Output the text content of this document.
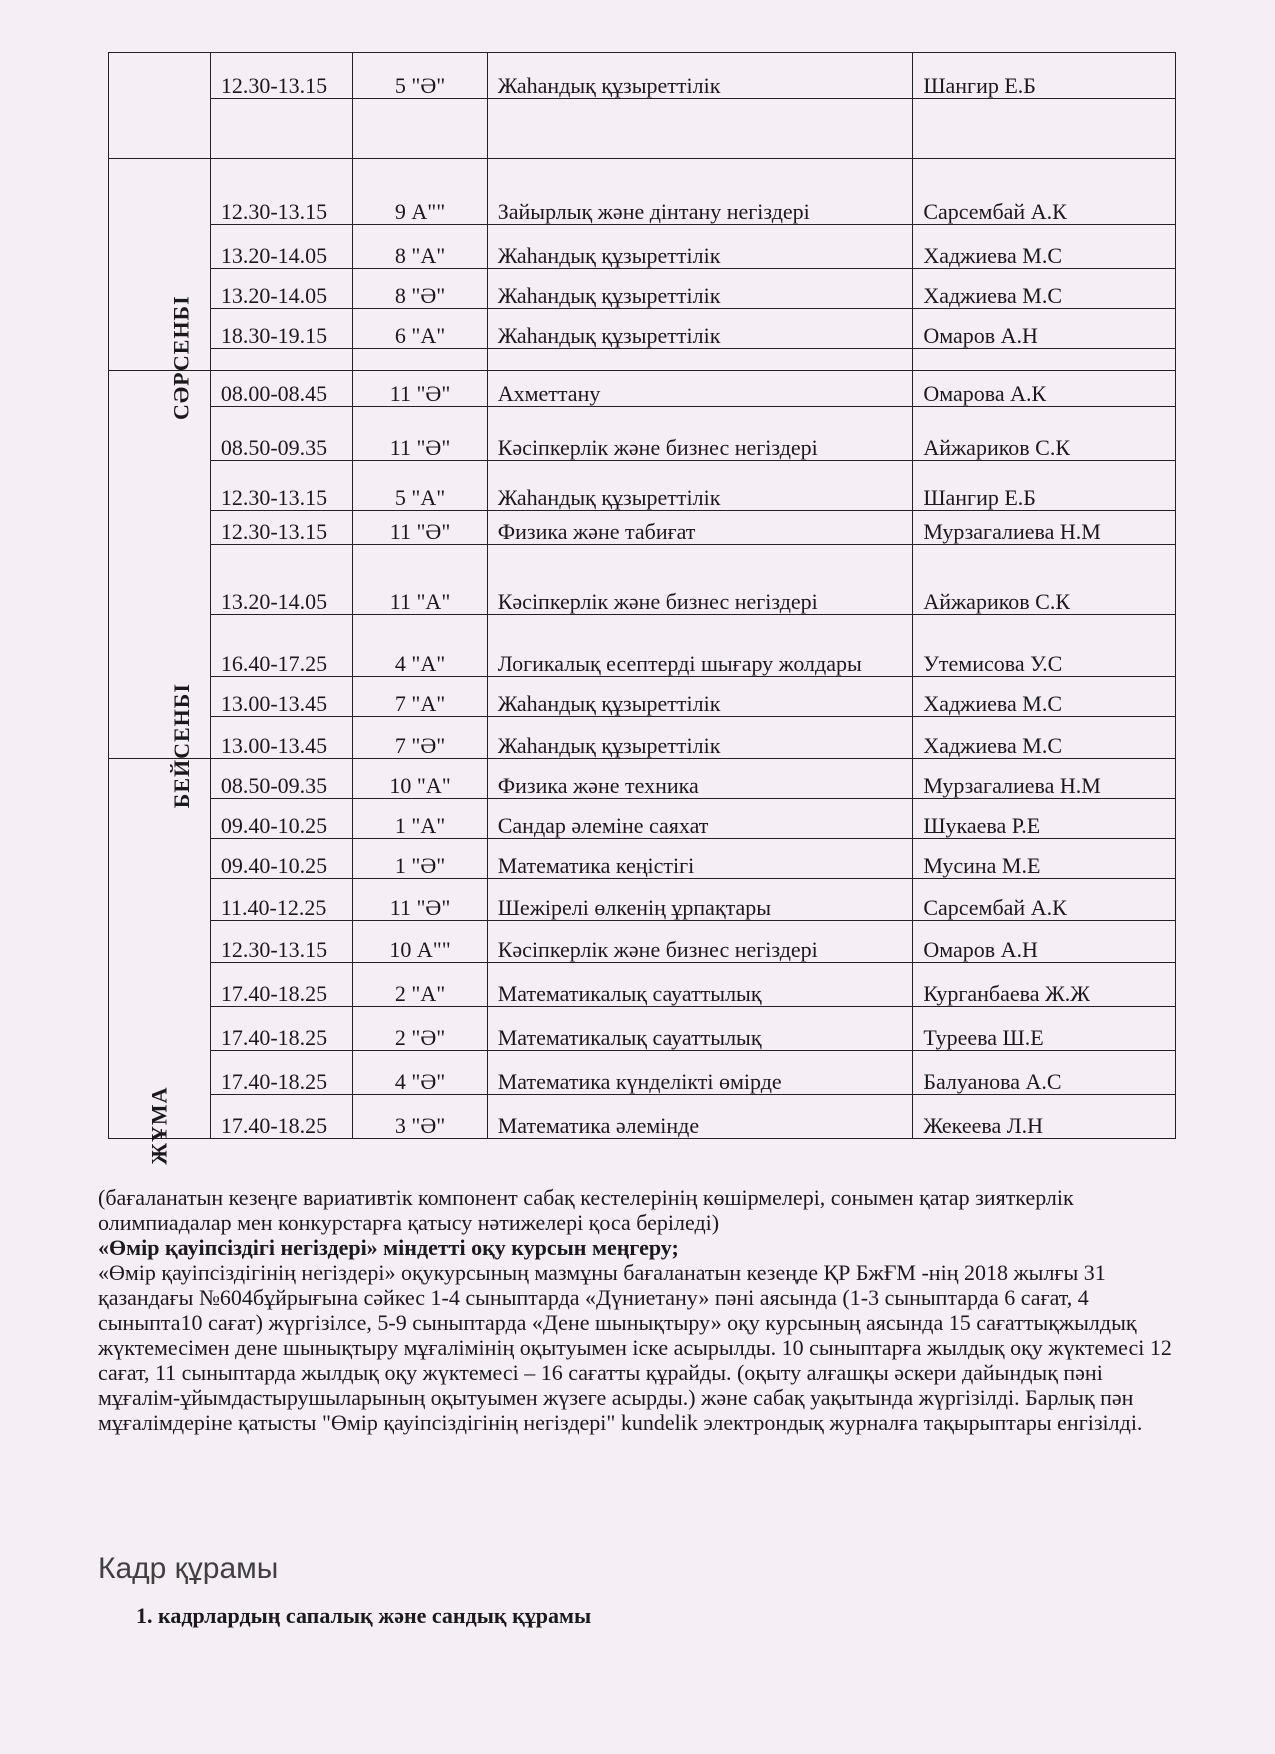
	12.30-13.15	5 "Ә"	Жаһандық құзыреттілік	Шангир Е.Б

СӘРСЕНБІ	12.30-13.15	9 А""	Зайырлық және дінтану негіздері	Сарсембай А.К
	13.20-14.05	8 "А"	Жаһандық құзыреттілік	Хаджиева М.С
	13.20-14.05	8 "Ә"	Жаһандық құзыреттілік	Хаджиева М.С
	18.30-19.15	6 "А"	Жаһандық құзыреттілік	Омаров А.Н

БЕЙСЕНБІ	08.00-08.45	11 "Ә"	Ахметтану	Омарова А.К
	08.50-09.35	11 "Ә"	Кәсіпкерлік және бизнес негіздері	Айжариков С.К
	12.30-13.15	5 "А"	Жаһандық құзыреттілік	Шангир Е.Б
	12.30-13.15	11 "Ә"	Физика және табиғат	Мурзагалиева Н.М
	13.20-14.05	11 "А"	Кәсіпкерлік және бизнес негіздері	Айжариков С.К
	16.40-17.25	4 "А"	Логикалық есептерді шығару жолдары	Утемисова У.С
	13.00-13.45	7 "А"	Жаһандық құзыреттілік	Хаджиева М.С
	13.00-13.45	7 "Ә"	Жаһандық құзыреттілік	Хаджиева М.С
ЖҰМА	08.50-09.35	10 "А"	Физика және техника	Мурзагалиева Н.М
	09.40-10.25	1 "А"	Сандар әлеміне саяхат	Шукаева Р.Е
	09.40-10.25	1 "Ә"	Математика кеңістігі	Мусина М.Е
	11.40-12.25	11 "Ә"	Шежірелі өлкенің ұрпақтары	Сарсембай А.К
	12.30-13.15	10 А""	Кәсіпкерлік және бизнес негіздері	Омаров А.Н
	17.40-18.25	2 "А"	Математикалық сауаттылық	Курганбаева Ж.Ж
	17.40-18.25	2 "Ә"	Математикалық сауаттылық	Туреева Ш.Е
	17.40-18.25	4 "Ә"	Математика күнделікті өмірде	Балуанова А.С
	17.40-18.25	3 "Ә"	Математика әлемінде	Жекеева Л.Н

(бағаланатын кезеңге вариативтік компонент сабақ кестелерінің көшірмелері, сонымен қатар зияткерлік олимпиадалар мен конкурстарға қатысу нәтижелері қоса беріледі)

«Өмір қауіпсіздігі негіздері» міндетті оқу курсын меңгеру;

«Өмір қауіпсіздігінің негіздері» оқукурсының мазмұны бағаланатын кезеңде ҚР БжҒМ -нің 2018 жылғы 31 қазандағы №604бұйрығына сәйкес 1-4 сыныптарда «Дүниетану» пәні аясында (1-3 сыныптарда 6 сағат, 4 сыныпта10 сағат) жүргізілсе, 5-9 сыныптарда «Дене шынықтыру» оқу курсының аясында 15 сағаттықжылдық жүктемесімен дене шынықтыру мұғалімінің оқытуымен іске асырылды. 10 сыныптарға жылдық оқу жүктемесі 12 сағат, 11 сыныптарда жылдық оқу жүктемесі – 16 сағатты құрайды. (оқыту алғашқы әскери дайындық пәні мұғалім-ұйымдастырушыларының оқытуымен жүзеге асырды.) және сабақ уақытында жүргізілді. Барлық пән мұғалімдеріне қатысты "Өмір қауіпсіздігінің негіздері" kundelik электрондық журналға тақырыптары енгізілді.

Кадр құрамы
1. кадрлардың сапалық және сандық құрамы
